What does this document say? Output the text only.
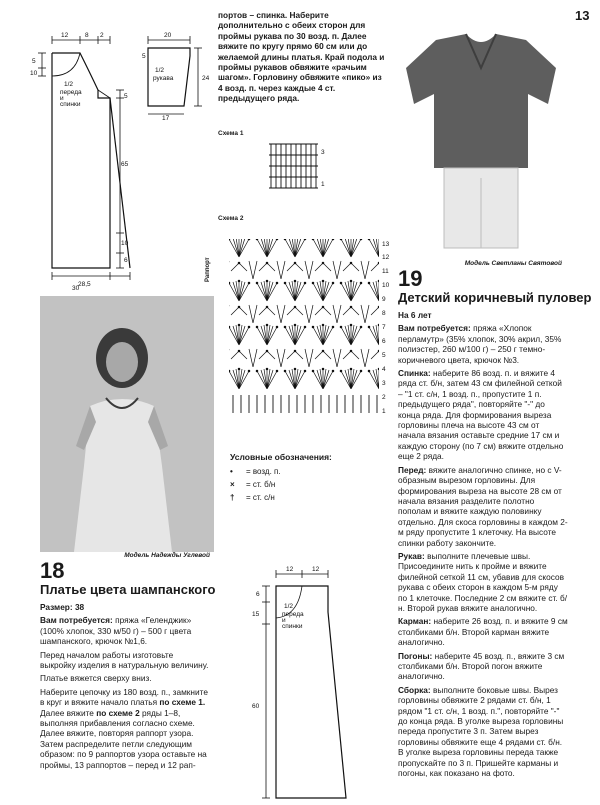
13
12	8 2
5
10
1/2
переда
и
спинки
5
65
10
6
28,5
30
20
5
1/2
рукава	24
17
портов – спинка. Наберите дополнительно с обеих сторон для проймы рукава по 30 возд. п. Далее вяжите по кругу прямо 60 см или до желаемой длины платья. Край подола и проймы рукавов обвяжите «рачьим шагом». Горловину обвяжите «пико» из 4 возд. п. через каждые 4 ст. предыдущего ряда.
Схема 1
3
1
Схема 2
Раппорт
13
12
11
10
9
8
7
6
5
4
3
2
1
Условные обозначения:
• = возд. п.
× = ст. б/н
† = ст. с/н
Модель Надежды Углевой
Модель Светланы Святовой
18
Платье цвета шампанского

Размер: 38

Вам потребуется: пряжа «Геленджик» (100% хлопок, 330 м/50 г) – 500 г цвета шампанского, крючок №1,6.

Перед началом работы изготовьте выкройку изделия в натуральную величину.

Платье вяжется сверху вниз.

Наберите цепочку из 180 возд. п., замкните в круг и вяжите начало платья по схеме 1. Далее вяжите по схеме 2 ряды 1–8, выполняя прибавления согласно схеме. Далее вяжите, повторяя раппорт узора. Затем распределите петли следующим образом: по 9 раппортов узора оставьте на проймы, 13 раппортов – перед и 12 рап-

12	12
6
15
60
1/2
переда
и
спинки
19
Детский коричневый пуловер

На 6 лет

Вам потребуется: пряжа «Хлопок перламутр» (35% хлопок, 30% акрил, 35% полиэстер, 260 м/100 г) – 250 г темно-коричневого цвета, крючок №3.

Спинка: наберите 86 возд. п. и вяжите 4 ряда ст. б/н, затем 43 см филейной сеткой – "1 ст. с/н, 1 возд. п., пропустите 1 п. предыдущего ряда", повторяйте "-" до конца ряда. Для формирования выреза горловины плеча на высоте 43 см от начала вязания оставьте средние 17 см и каждую сторону (по 7 см) вяжите отдельно еще 2 ряда.

Перед: вяжите аналогично спинке, но с V-образным вырезом горловины. Для формирования выреза на высоте 28 см от начала вязания разделите полотно пополам и вяжите каждую половинку отдельно. Для скоса горловины в каждом 2-м ряду пропустите 1 клеточку. На высоте спинки работу закончите.

Рукав: выполните плечевые швы. Присоедините нить к пройме и вяжите филейной сеткой 11 см, убавив для скосов рукава с обеих сторон в каждом 5-м ряду по 1 клеточке. Последние 2 см вяжите ст. б/н. Второй рукав вяжите аналогично.

Карман: наберите 26 возд. п. и вяжите 9 см столбиками б/н. Второй карман вяжите аналогично.

Погоны: наберите 45 возд. п., вяжите 3 см столбиками б/н. Второй погон вяжите аналогично.

Сборка: выполните боковые швы. Вырез горловины обвяжите 2 рядами ст. б/н, 1 рядом "1 ст. с/н, 1 возд. п.", повторяйте "-" до конца ряда. В уголке выреза горловины переда пропустите 3 п. Затем вырез горловины обвяжите еще 4 рядами ст. б/н. В уголке выреза горловины переда также пропускайте по 3 п. Пришейте карманы и погоны, как показано на фото.
